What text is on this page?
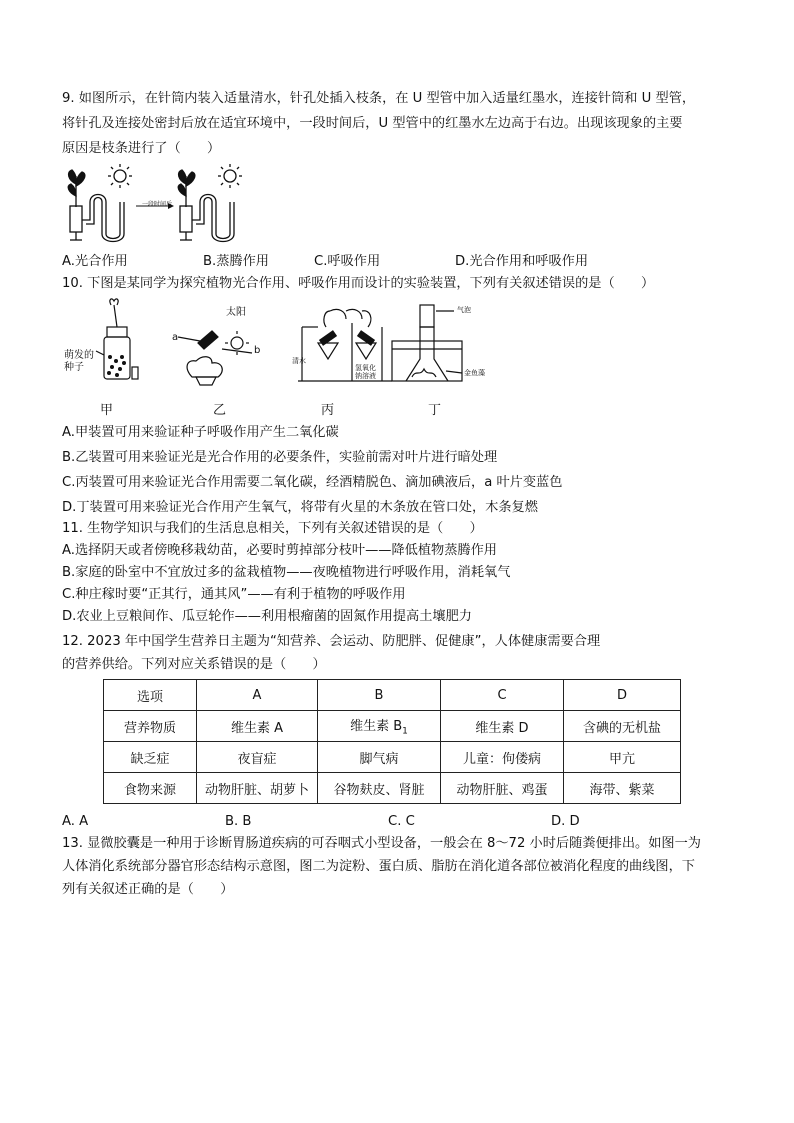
9. 如图所示，在针筒内装入适量清水，针孔处插入枝条，在 U 型管中加入适量红墨水，连接针筒和 U 型管，
将针孔及连接处密封后放在适宜环境中，一段时间后，U 型管中的红墨水左边高于右边。出现该现象的主要
原因是枝条进行了（　　）
一段时间后
A.光合作用	B.蒸腾作用	C.呼吸作用	D.光合作用和呼吸作用
10. 下图是某同学为探究植物光合作用、呼吸作用而设计的实验装置，下列有关叙述错误的是（　　）
萌发的
种子
太阳
a
b
清水
氢氧化
钠溶液
气泡
金鱼藻
甲	乙	丙	丁
A.甲装置可用来验证种子呼吸作用产生二氧化碳
B.乙装置可用来验证光是光合作用的必要条件，实验前需对叶片进行暗处理
C.丙装置可用来验证光合作用需要二氧化碳，经酒精脱色、滴加碘液后，a 叶片变蓝色
D.丁装置可用来验证光合作用产生氧气，将带有火星的木条放在管口处，木条复燃
11. 生物学知识与我们的生活息息相关，下列有关叙述错误的是（　　）
A.选择阴天或者傍晚移栽幼苗，必要时剪掉部分枝叶——降低植物蒸腾作用
B.家庭的卧室中不宜放过多的盆栽植物——夜晚植物进行呼吸作用，消耗氧气
C.种庄稼时要“正其行，通其风”——有利于植物的呼吸作用
D.农业上豆粮间作、瓜豆轮作——利用根瘤菌的固氮作用提高土壤肥力
12. 2023 年中国学生营养日主题为“知营养、会运动、防肥胖、促健康”，人体健康需要合理
的营养供给。下列对应关系错误的是（　　）
选项	A	B	C	D
营养物质	维生素 A	维生素 $B_1$	维生素 D	含碘的无机盐
缺乏症	夜盲症	脚气病	儿童：佝偻病	甲亢
食物来源	动物肝脏、胡萝卜	谷物麸皮、肾脏	动物肝脏、鸡蛋	海带、紫菜
A. A	B. B	C. C	D. D
13. 显微胶囊是一种用于诊断胃肠道疾病的可吞咽式小型设备，一般会在 8～72 小时后随粪便排出。如图一为
人体消化系统部分器官形态结构示意图，图二为淀粉、蛋白质、脂肪在消化道各部位被消化程度的曲线图，下
列有关叙述正确的是（　　）
